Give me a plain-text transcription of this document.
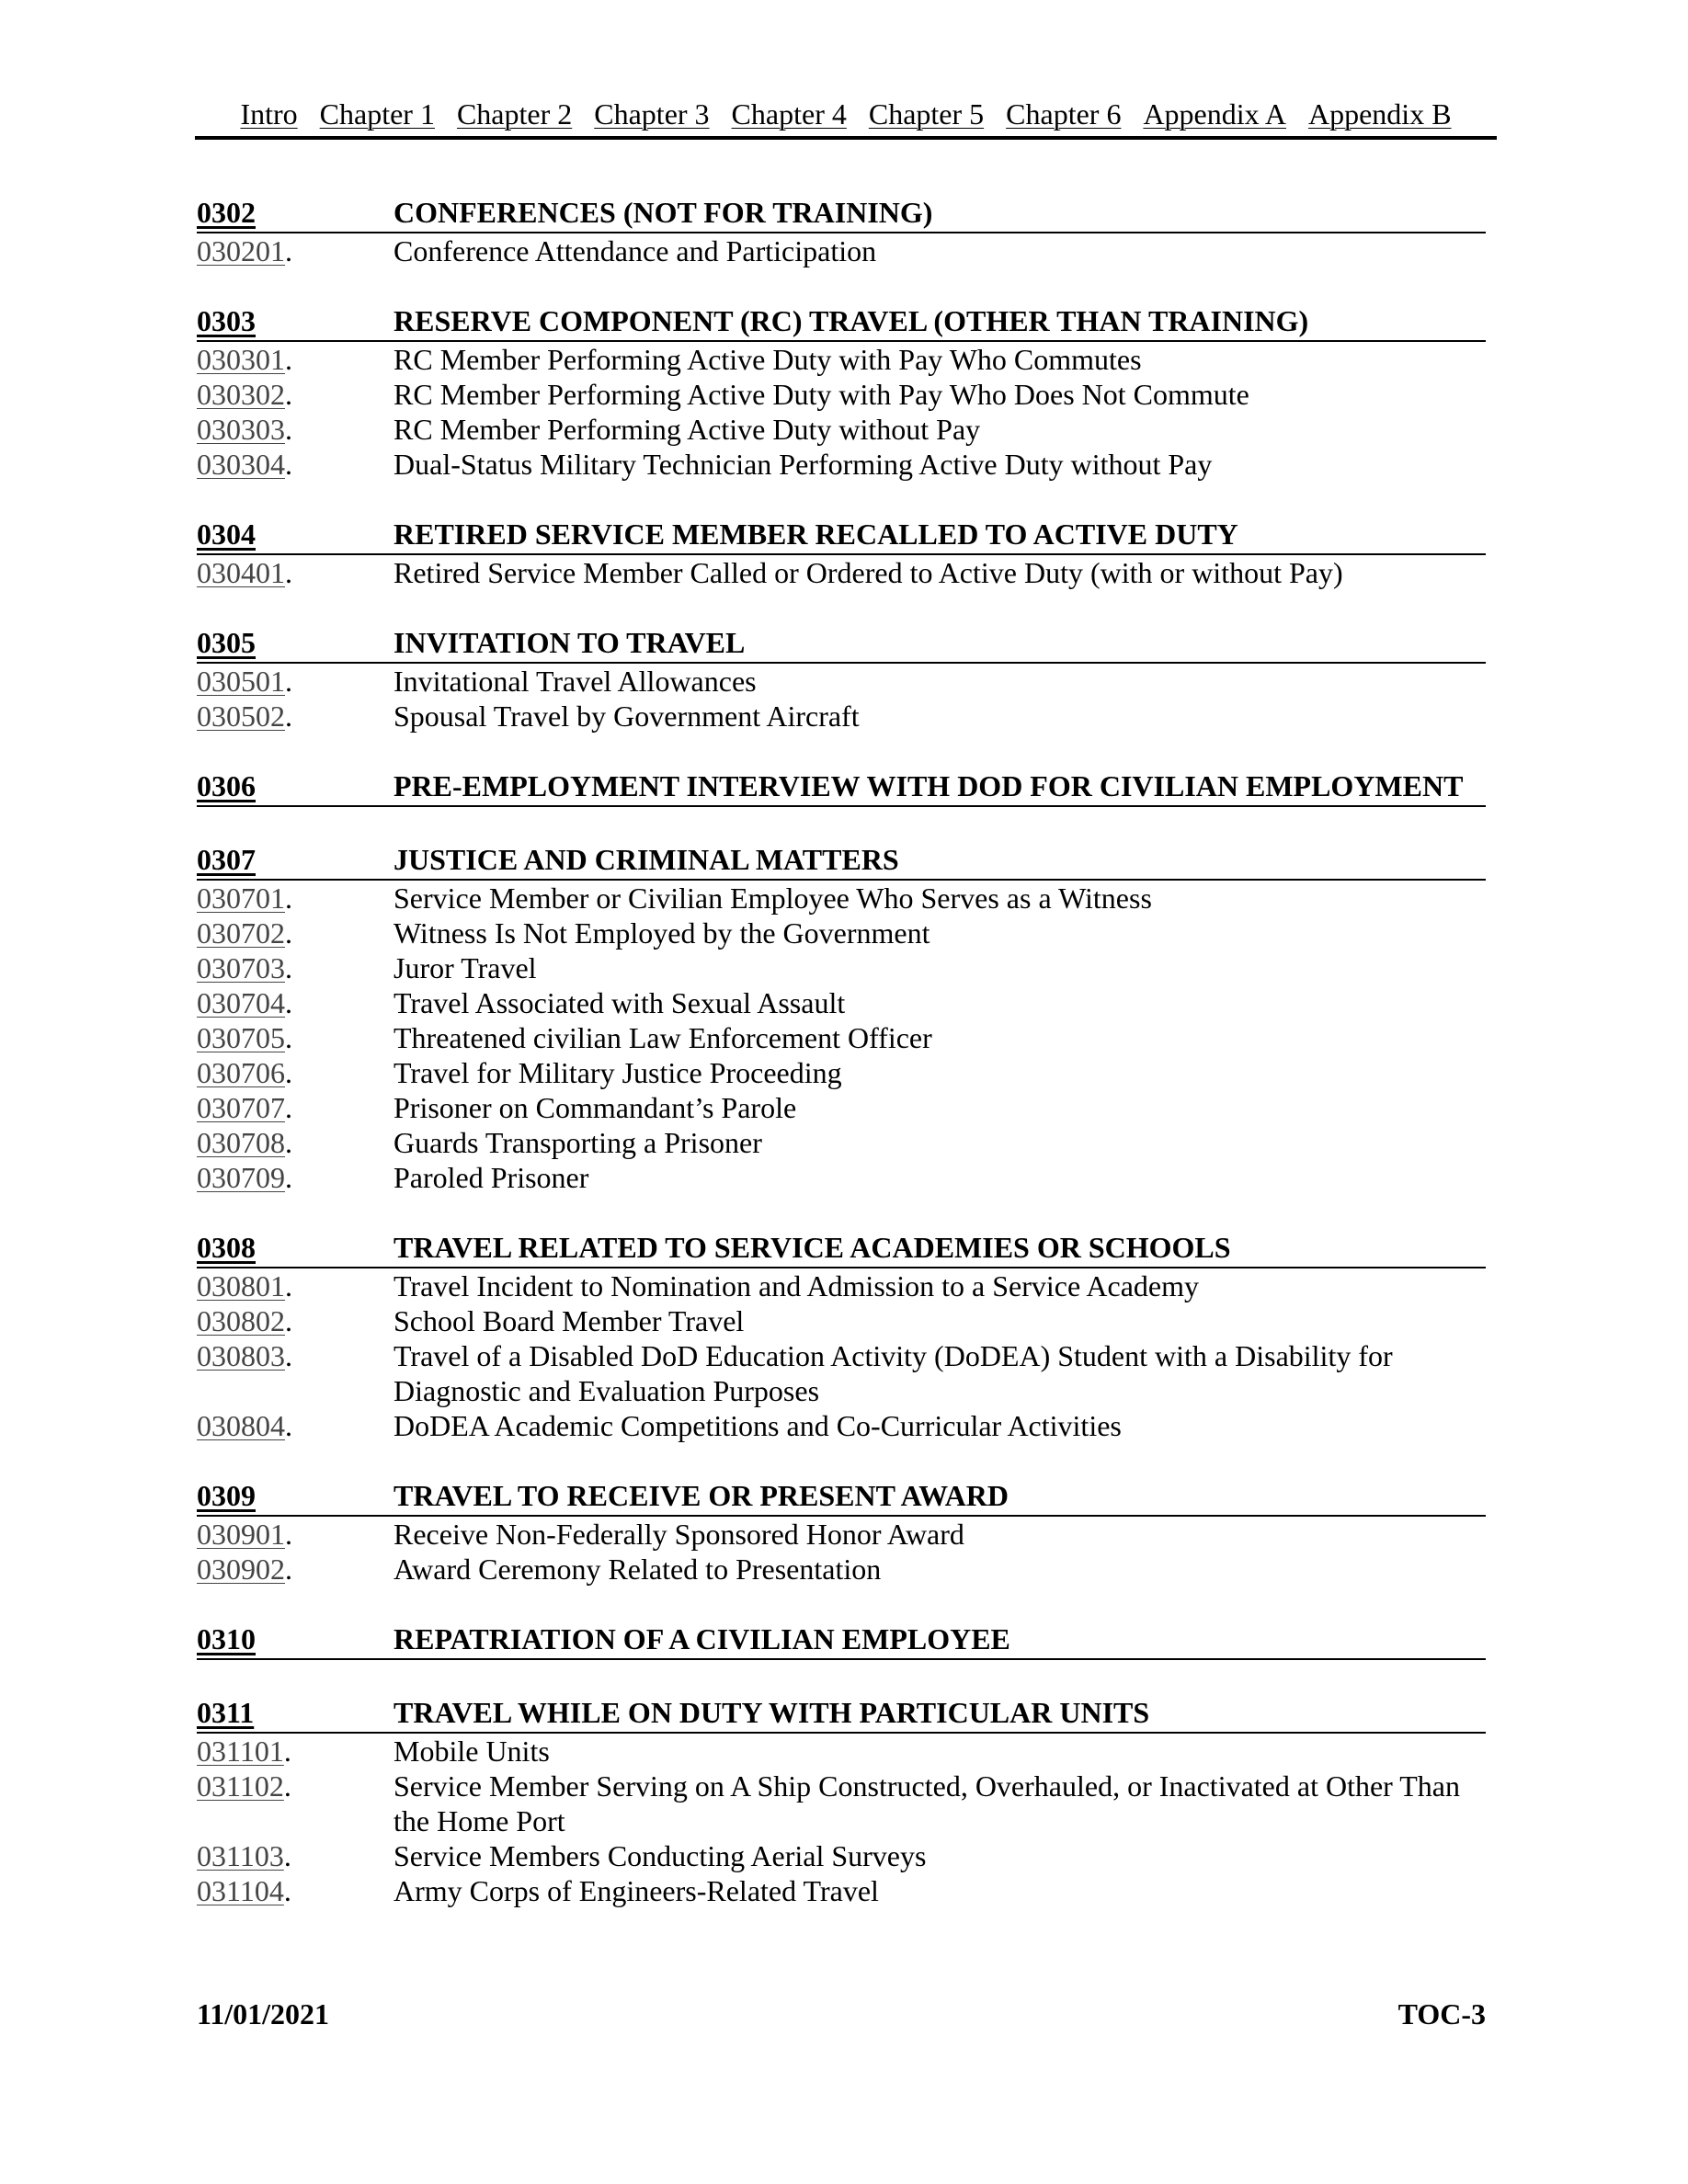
Intro Chapter 1 Chapter 2 Chapter 3 Chapter 4 Chapter 5 Chapter 6 Appendix A Appendix B
0302	CONFERENCES (NOT FOR TRAINING)
030201.	Conference Attendance and Participation
0303	RESERVE COMPONENT (RC) TRAVEL (OTHER THAN TRAINING)
030301.	RC Member Performing Active Duty with Pay Who Commutes
030302.	RC Member Performing Active Duty with Pay Who Does Not Commute
030303.	RC Member Performing Active Duty without Pay
030304.	Dual-Status Military Technician Performing Active Duty without Pay
0304	RETIRED SERVICE MEMBER RECALLED TO ACTIVE DUTY
030401.	Retired Service Member Called or Ordered to Active Duty (with or without Pay)
0305	INVITATION TO TRAVEL
030501.	Invitational Travel Allowances
030502.	Spousal Travel by Government Aircraft
0306	PRE-EMPLOYMENT INTERVIEW WITH DOD FOR CIVILIAN EMPLOYMENT
0307	JUSTICE AND CRIMINAL MATTERS
030701.	Service Member or Civilian Employee Who Serves as a Witness
030702.	Witness Is Not Employed by the Government
030703.	Juror Travel
030704.	Travel Associated with Sexual Assault
030705.	Threatened civilian Law Enforcement Officer
030706.	Travel for Military Justice Proceeding
030707.	Prisoner on Commandant’s Parole
030708.	Guards Transporting a Prisoner
030709.	Paroled Prisoner
0308	TRAVEL RELATED TO SERVICE ACADEMIES OR SCHOOLS
030801.	Travel Incident to Nomination and Admission to a Service Academy
030802.	School Board Member Travel
030803.	Travel of a Disabled DoD Education Activity (DoDEA) Student with a Disability for Diagnostic and Evaluation Purposes
030804.	DoDEA Academic Competitions and Co-Curricular Activities
0309	TRAVEL TO RECEIVE OR PRESENT AWARD
030901.	Receive Non-Federally Sponsored Honor Award
030902.	Award Ceremony Related to Presentation
0310	REPATRIATION OF A CIVILIAN EMPLOYEE
0311	TRAVEL WHILE ON DUTY WITH PARTICULAR UNITS
031101.	Mobile Units
031102.	Service Member Serving on A Ship Constructed, Overhauled, or Inactivated at Other Than the Home Port
031103.	Service Members Conducting Aerial Surveys
031104.	Army Corps of Engineers-Related Travel
11/01/2021	TOC-3
